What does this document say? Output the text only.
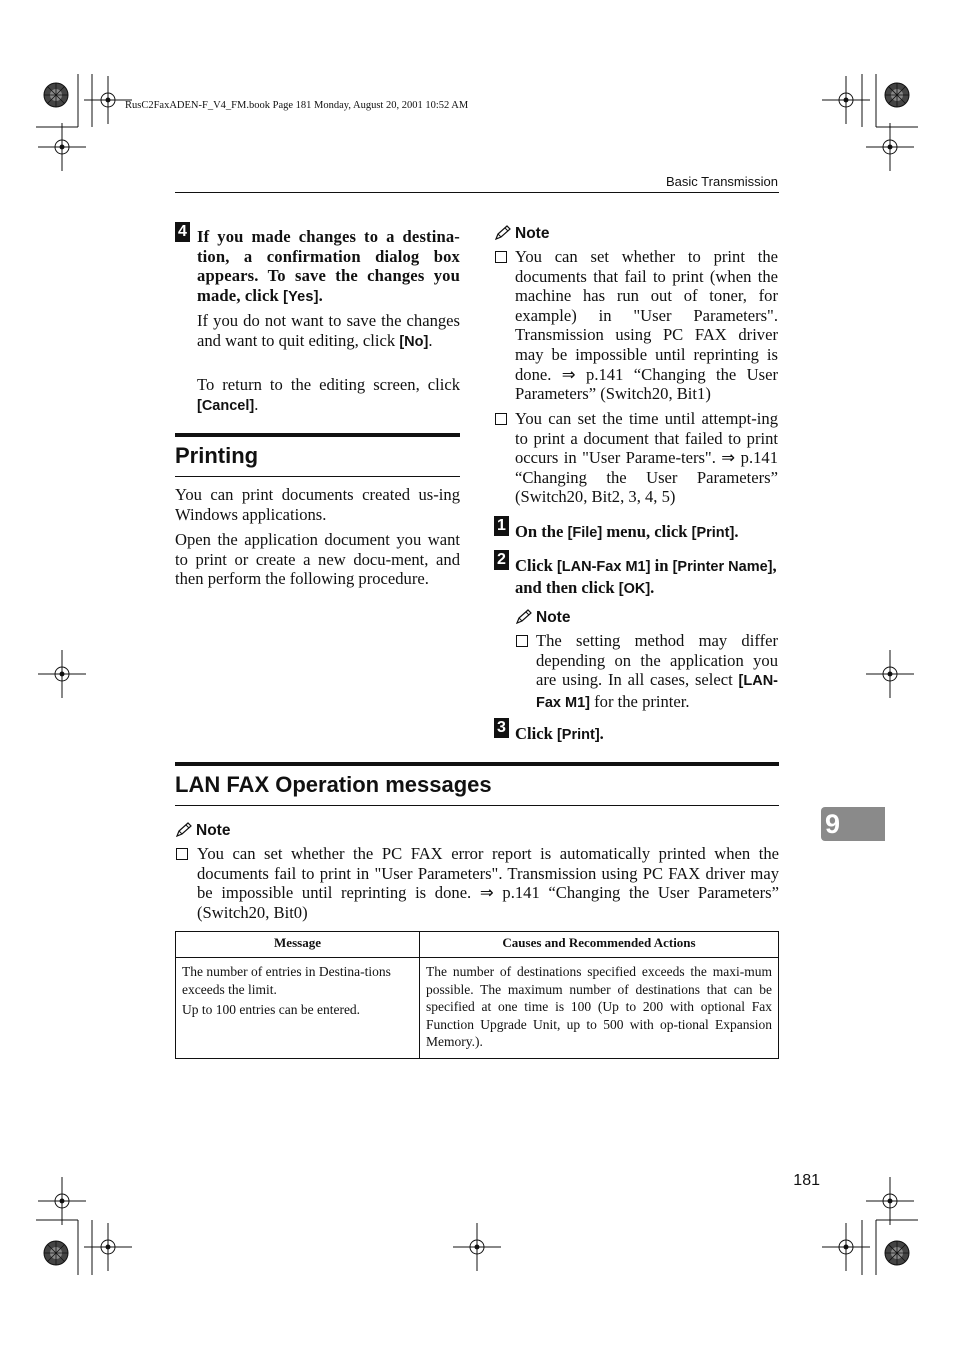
RusC2FaxADEN-F_V4_FM.book Page 181 Monday, August 20, 2001 10:52 AM
Basic Transmission
4 If you made changes to a destina-tion, a confirmation dialog box appears. To save the changes you made, click [Yes].
If you do not want to save the changes and want to quit editing, click [No].
To return to the editing screen, click [Cancel].
Printing
You can print documents created us-ing Windows applications.
Open the application document you want to print or create a new docu-ment, and then perform the following procedure.
Note
You can set whether to print the documents that fail to print (when the machine has run out of toner, for example) in "User Parameters". Transmission using PC FAX driver may be impossible until reprinting is done. ⇒ p.141 “Changing the User Parameters” (Switch20, Bit1)
You can set the time until attempt-ing to print a document that failed to print occurs in "User Parame-ters". ⇒ p.141 “Changing the User Parameters” (Switch20, Bit2, 3, 4, 5)
1 On the [File] menu, click [Print].
2 Click [LAN-Fax M1] in [Printer Name],
and then click [OK].
Note
The setting method may differ depending on the application you are using. In all cases, select [LAN-Fax M1] for the printer.
3 Click [Print].
LAN FAX Operation messages
Note
You can set whether the PC FAX error report is automatically printed when the documents fail to print in "User Parameters". Transmission using PC FAX driver may be impossible until reprinting is done. ⇒ p.141 “Changing the User Parameters” (Switch20, Bit0)
9
Message	Causes and Recommended Actions

The number of entries in Destina-tions exceeds the limit.
Up to 100 entries can be entered.	The number of destinations specified exceeds the maxi-mum possible. The maximum number of destinations that can be specified at one time is 100 (Up to 200 with optional Fax Function Upgrade Unit, up to 500 with op-tional Expansion Memory.).
181
